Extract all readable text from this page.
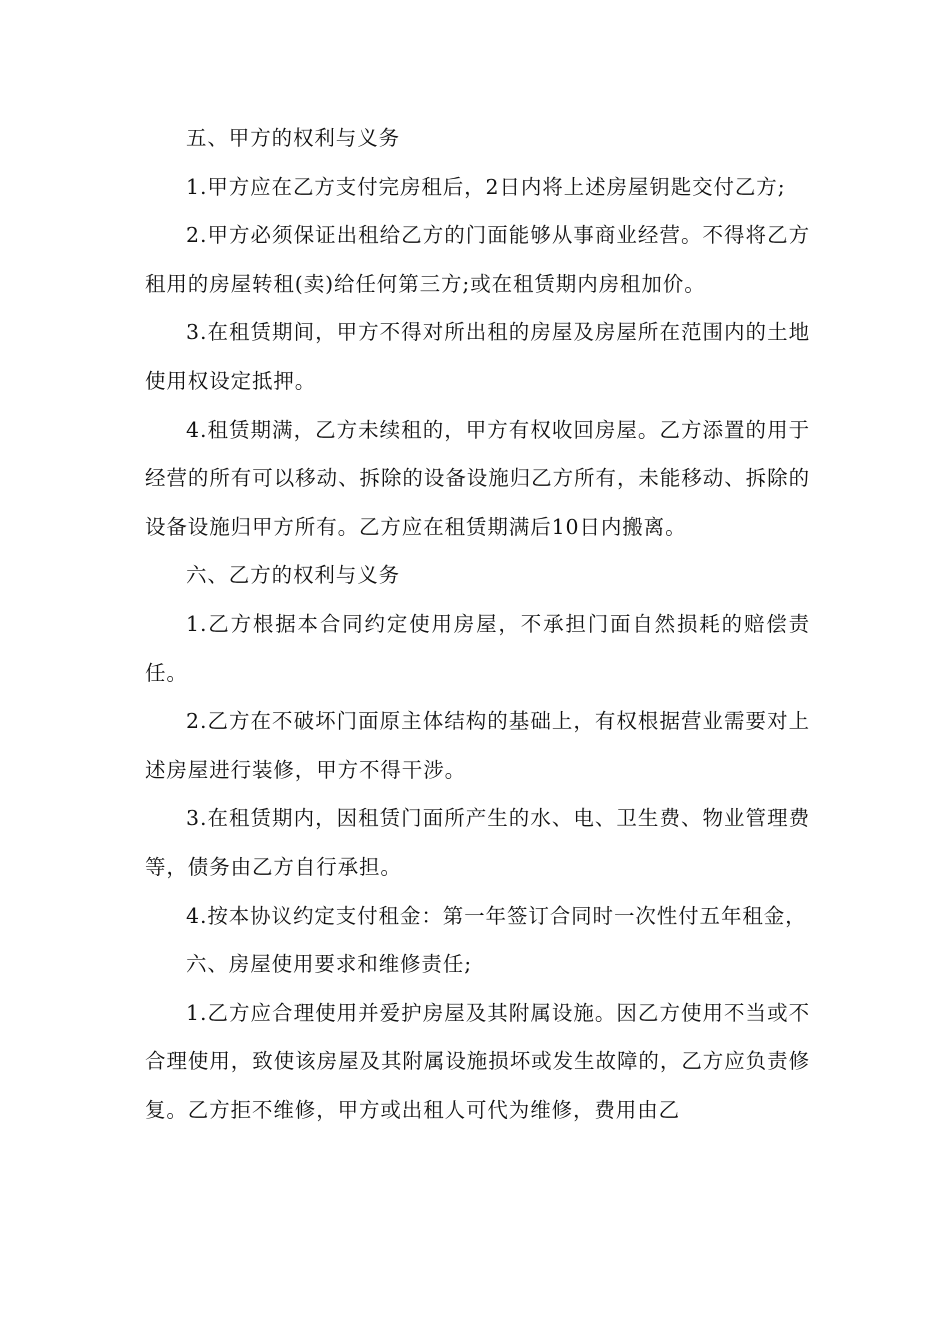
五、甲方的权利与义务

1.甲方应在乙方支付完房租后，2日内将上述房屋钥匙交付乙方;

2.甲方必须保证出租给乙方的门面能够从事商业经营。不得将乙方租用的房屋转租(卖)给任何第三方;或在租赁期内房租加价。

3.在租赁期间，甲方不得对所出租的房屋及房屋所在范围内的土地使用权设定抵押。

4.租赁期满，乙方未续租的，甲方有权收回房屋。乙方添置的用于经营的所有可以移动、拆除的设备设施归乙方所有，未能移动、拆除的设备设施归甲方所有。乙方应在租赁期满后10日内搬离。

六、乙方的权利与义务

1.乙方根据本合同约定使用房屋，不承担门面自然损耗的赔偿责任。

2.乙方在不破坏门面原主体结构的基础上，有权根据营业需要对上述房屋进行装修，甲方不得干涉。

3.在租赁期内，因租赁门面所产生的水、电、卫生费、物业管理费等，债务由乙方自行承担。

4.按本协议约定支付租金：第一年签订合同时一次性付五年租金，

六、房屋使用要求和维修责任;

1.乙方应合理使用并爱护房屋及其附属设施。因乙方使用不当或不合理使用，致使该房屋及其附属设施损坏或发生故障的，乙方应负责修复。乙方拒不维修，甲方或出租人可代为维修，费用由乙
